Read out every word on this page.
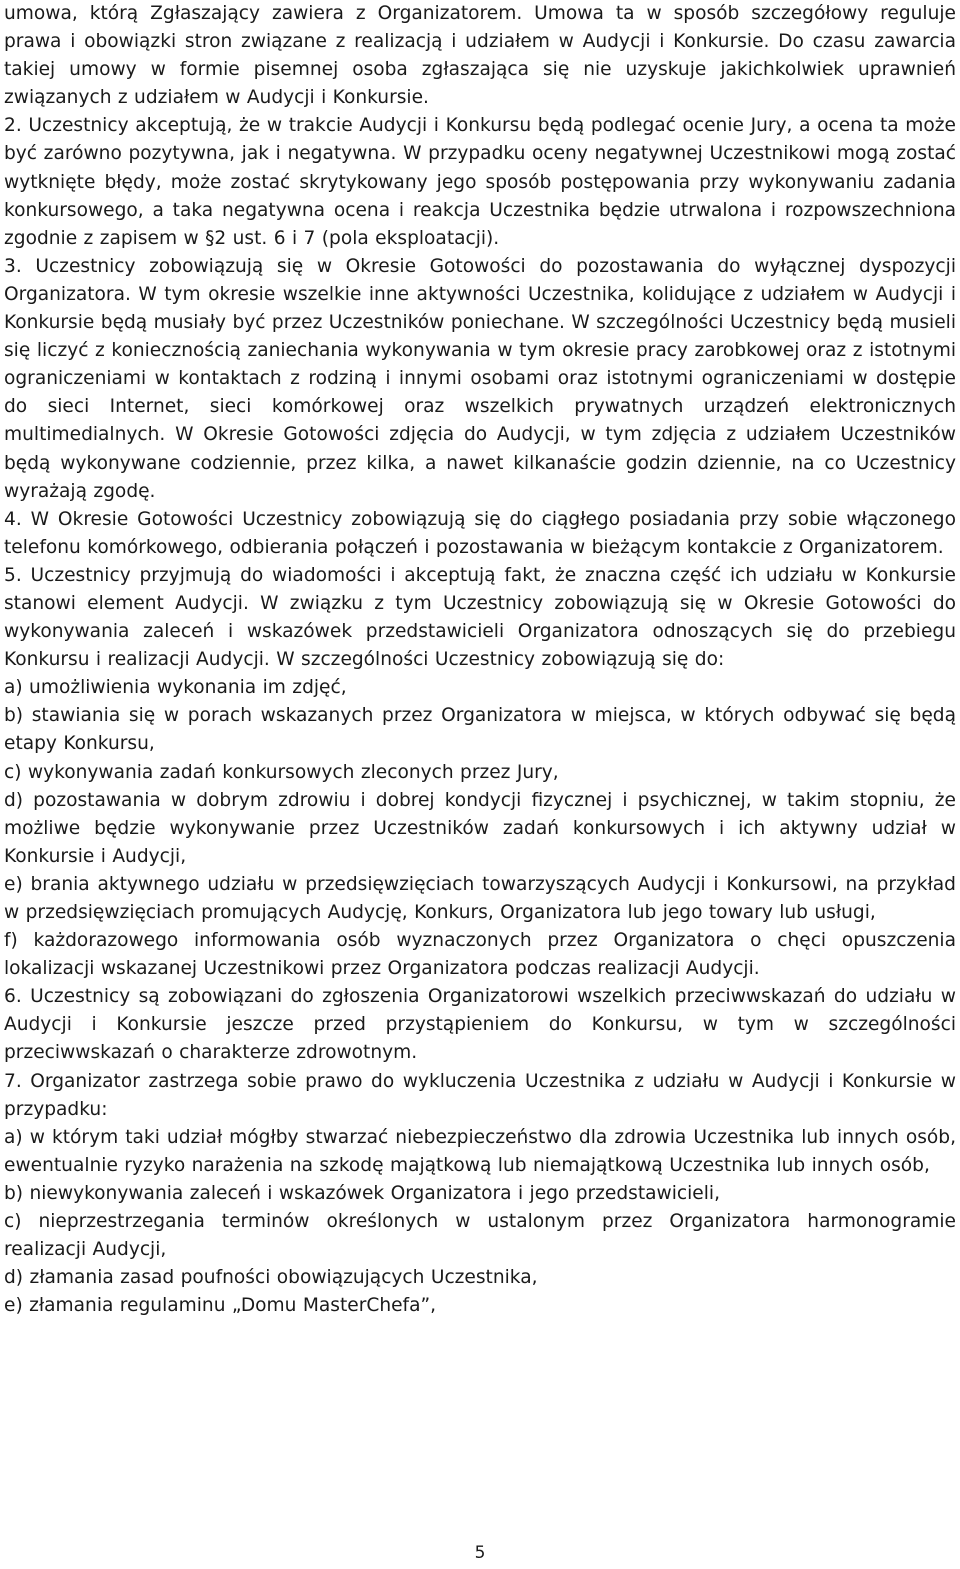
umowa, którą Zgłaszający zawiera z Organizatorem. Umowa ta w sposób szczegółowy reguluje prawa i obowiązki stron związane z realizacją i udziałem w Audycji i Konkursie. Do czasu zawarcia takiej umowy w formie pisemnej osoba zgłaszająca się nie uzyskuje jakichkolwiek uprawnień związanych z udziałem w Audycji i Konkursie.

2. Uczestnicy akceptują, że w trakcie Audycji i Konkursu będą podlegać ocenie Jury, a ocena ta może być zarówno pozytywna, jak i negatywna. W przypadku oceny negatywnej Uczestnikowi mogą zostać wytknięte błędy, może zostać skrytykowany jego sposób postępowania przy wykonywaniu zadania konkursowego, a taka negatywna ocena i reakcja Uczestnika będzie utrwalona i rozpowszechniona zgodnie z zapisem w §2 ust. 6 i 7 (pola eksploatacji).

3. Uczestnicy zobowiązują się w Okresie Gotowości do pozostawania do wyłącznej dyspozycji Organizatora. W tym okresie wszelkie inne aktywności Uczestnika, kolidujące z udziałem w Audycji i Konkursie będą musiały być przez Uczestników poniechane. W szczególności Uczestnicy będą musieli się liczyć z koniecznością zaniechania wykonywania w tym okresie pracy zarobkowej oraz z istotnymi ograniczeniami w kontaktach z rodziną i innymi osobami oraz istotnymi ograniczeniami w dostępie do sieci Internet, sieci komórkowej oraz wszelkich prywatnych urządzeń elektronicznych multimedialnych. W Okresie Gotowości zdjęcia do Audycji, w tym zdjęcia z udziałem Uczestników będą wykonywane codziennie, przez kilka, a nawet kilkanaście godzin dziennie, na co Uczestnicy wyrażają zgodę.

4. W Okresie Gotowości Uczestnicy zobowiązują się do ciągłego posiadania przy sobie włączonego telefonu komórkowego, odbierania połączeń i pozostawania w bieżącym kontakcie z Organizatorem.

5. Uczestnicy przyjmują do wiadomości i akceptują fakt, że znaczna część ich udziału w Konkursie stanowi element Audycji. W związku z tym Uczestnicy zobowiązują się w Okresie Gotowości do wykonywania zaleceń i wskazówek przedstawicieli Organizatora odnoszących się do przebiegu Konkursu i realizacji Audycji. W szczególności Uczestnicy zobowiązują się do:

a) umożliwienia wykonania im zdjęć,

b) stawiania się w porach wskazanych przez Organizatora w miejsca, w których odbywać się będą etapy Konkursu,

c) wykonywania zadań konkursowych zleconych przez Jury,

d) pozostawania w dobrym zdrowiu i dobrej kondycji fizycznej i psychicznej, w takim stopniu, że możliwe będzie wykonywanie przez Uczestników zadań konkursowych i ich aktywny udział w Konkursie i Audycji,

e) brania aktywnego udziału w przedsięwzięciach towarzyszących Audycji i Konkursowi, na przykład w przedsięwzięciach promujących Audycję, Konkurs, Organizatora lub jego towary lub usługi,

f) każdorazowego informowania osób wyznaczonych przez Organizatora o chęci opuszczenia lokalizacji wskazanej Uczestnikowi przez Organizatora podczas realizacji Audycji.

6. Uczestnicy są zobowiązani do zgłoszenia Organizatorowi wszelkich przeciwwskazań do udziału w Audycji i Konkursie jeszcze przed przystąpieniem do Konkursu, w tym w szczególności przeciwwskazań o charakterze zdrowotnym.

7. Organizator zastrzega sobie prawo do wykluczenia Uczestnika z udziału w Audycji i Konkursie w przypadku:

a) w którym taki udział mógłby stwarzać niebezpieczeństwo dla zdrowia Uczestnika lub innych osób, ewentualnie ryzyko narażenia na szkodę majątkową lub niemajątkową Uczestnika lub innych osób,

b) niewykonywania zaleceń i wskazówek Organizatora i jego przedstawicieli,

c) nieprzestrzegania terminów określonych w ustalonym przez Organizatora harmonogramie realizacji Audycji,

d) złamania zasad poufności obowiązujących Uczestnika,

e) złamania regulaminu „Domu MasterChefa”,

5
